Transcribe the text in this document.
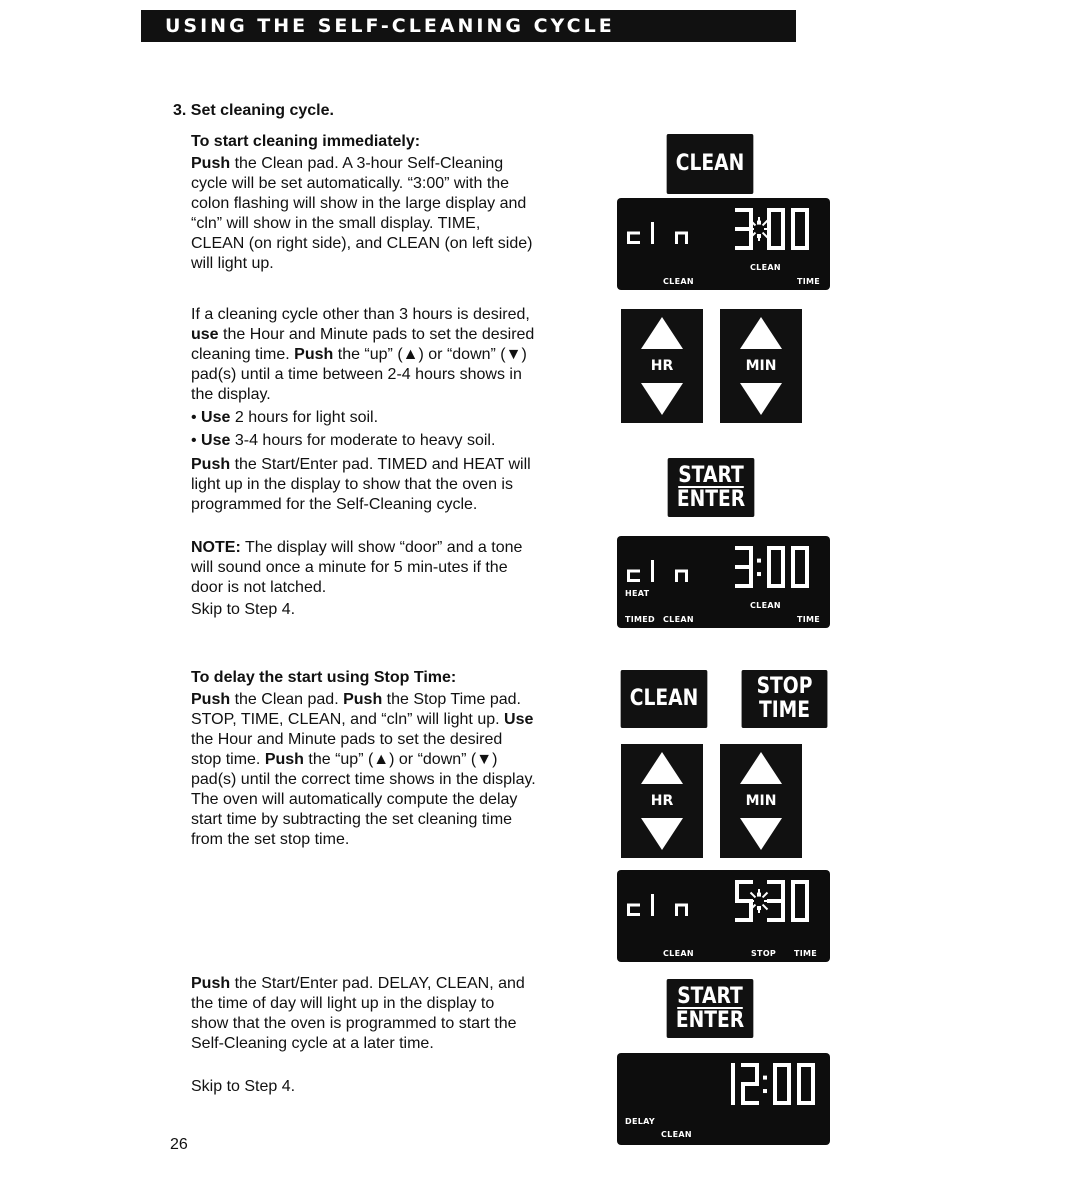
USING THE SELF-CLEANING CYCLE
3. Set cleaning cycle.
To start cleaning immediately:

Push the Clean pad. A 3-hour Self-Cleaning cycle will be set automatically. “3:00” with the colon flashing will show in the large display and “cln” will show in the small display. TIME, CLEAN (on right side), and CLEAN (on left side) will light up.

If a cleaning cycle other than 3 hours is desired, use the Hour and Minute pads to set the desired cleaning time. Push the “up” (▲) or “down” (▼) pad(s) until a time between 2-4 hours shows in the display.

• Use 2 hours for light soil.

• Use 3-4 hours for moderate to heavy soil.

Push the Start/Enter pad. TIMED and HEAT will light up in the display to show that the oven is programmed for the Self-Cleaning cycle.

NOTE: The display will show “door” and a tone will sound once a minute for 5 min-utes if the door is not latched.

Skip to Step 4.

To delay the start using Stop Time:

Push the Clean pad. Push the Stop Time pad. STOP, TIME, CLEAN, and “cln” will light up. Use the Hour and Minute pads to set the desired stop time. Push the “up” (▲) or “down” (▼) pad(s) until the correct time shows in the display. The oven will automatically compute the delay start time by subtracting the set cleaning time from the set stop time.

Push the Start/Enter pad. DELAY, CLEAN, and the time of day will light up in the display to show that the oven is programmed to start the Self-Cleaning cycle at a later time.

Skip to Step 4.

26
CLEAN
CLEAN
CLEAN
TIME
HR	MIN
START
ENTER
HEAT
TIMED CLEAN
CLEAN
TIME
CLEAN	STOP
TIME
HR	MIN
CLEAN	STOP TIME
START
ENTER
DELAY
CLEAN
